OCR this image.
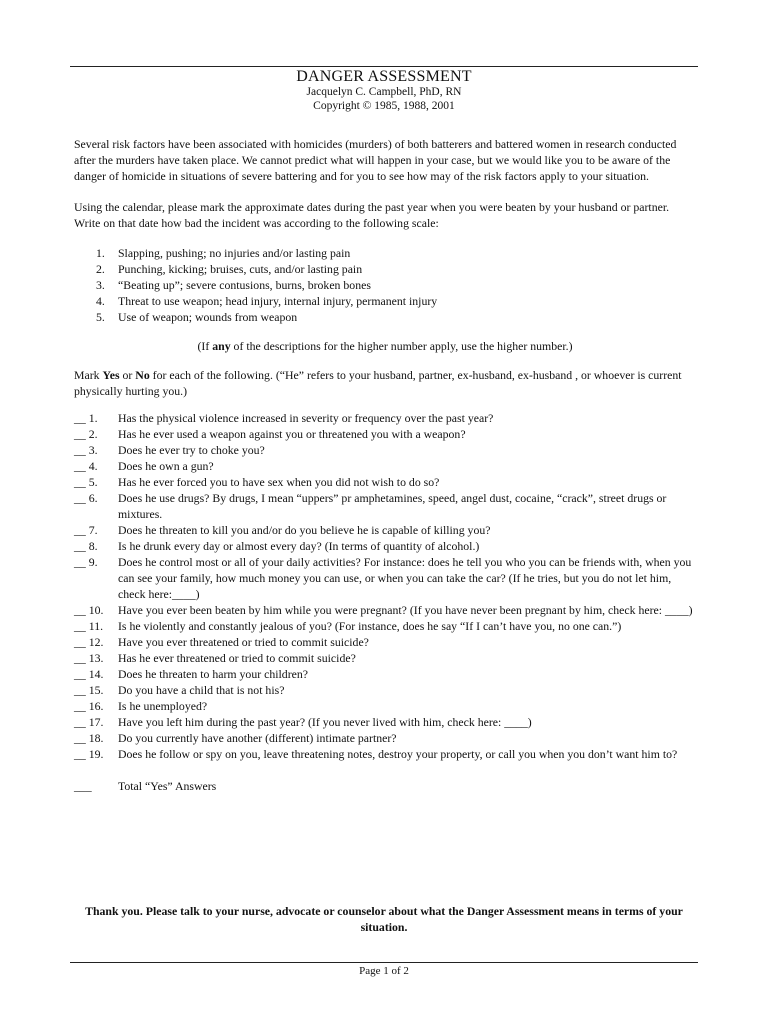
DANGER ASSESSMENT
Jacquelyn C. Campbell, PhD, RN
Copyright © 1985, 1988, 2001

Several risk factors have been associated with homicides (murders) of both batterers and battered women in research conducted after the murders have taken place. We cannot predict what will happen in your case, but we would like you to be aware of the danger of homicide in situations of severe battering and for you to see how may of the risk factors apply to your situation.

Using the calendar, please mark the approximate dates during the past year when you were beaten by your husband or partner. Write on that date how bad the incident was according to the following scale:

1.	Slapping, pushing; no injuries and/or lasting pain
2.	Punching, kicking; bruises, cuts, and/or lasting pain
3.	“Beating up”; severe contusions, burns, broken bones
4.	Threat to use weapon; head injury, internal injury, permanent injury
5.	Use of weapon; wounds from weapon

(If any of the descriptions for the higher number apply, use the higher number.)

Mark Yes or No for each of the following. (“He” refers to your husband, partner, ex-husband, ex-husband , or whoever is current physically hurting you.)

__ 1.	Has the physical violence increased in severity or frequency over the past year?
__ 2.	Has he ever used a weapon against you or threatened you with a weapon?
__ 3.	Does he ever try to choke you?
__ 4.	Does he own a gun?
__ 5.	Has he ever forced you to have sex when you did not wish to do so?
__ 6.	Does he use drugs? By drugs, I mean “uppers” pr amphetamines, speed, angel dust, cocaine, “crack”, street drugs or mixtures.
__ 7.	Does he threaten to kill you and/or do you believe he is capable of killing you?
__ 8.	Is he drunk every day or almost every day? (In terms of quantity of alcohol.)
__ 9.	Does he control most or all of your daily activities? For instance: does he tell you who you can be friends with, when you can see your family, how much money you can use, or when you can take the car? (If he tries, but you do not let him, check here:____)
__ 10.	Have you ever been beaten by him while you were pregnant? (If you have never been pregnant by him, check here: ____)
__ 11.	Is he violently and constantly jealous of you? (For instance, does he say “If I can’t have you, no one can.”)
__ 12.	Have you ever threatened or tried to commit suicide?
__ 13.	Has he ever threatened or tried to commit suicide?
__ 14.	Does he threaten to harm your children?
__ 15.	Do you have a child that is not his?
__ 16.	Is he unemployed?
__ 17.	Have you left him during the past year? (If you never lived with him, check here: ____)
__ 18.	Do you currently have another (different) intimate partner?
__ 19.	Does he follow or spy on you, leave threatening notes, destroy your property, or call you when you don’t want him to?
___	Total “Yes” Answers
Thank you. Please talk to your nurse, advocate or counselor about what the Danger Assessment means in terms of your situation.
Page 1 of 2
